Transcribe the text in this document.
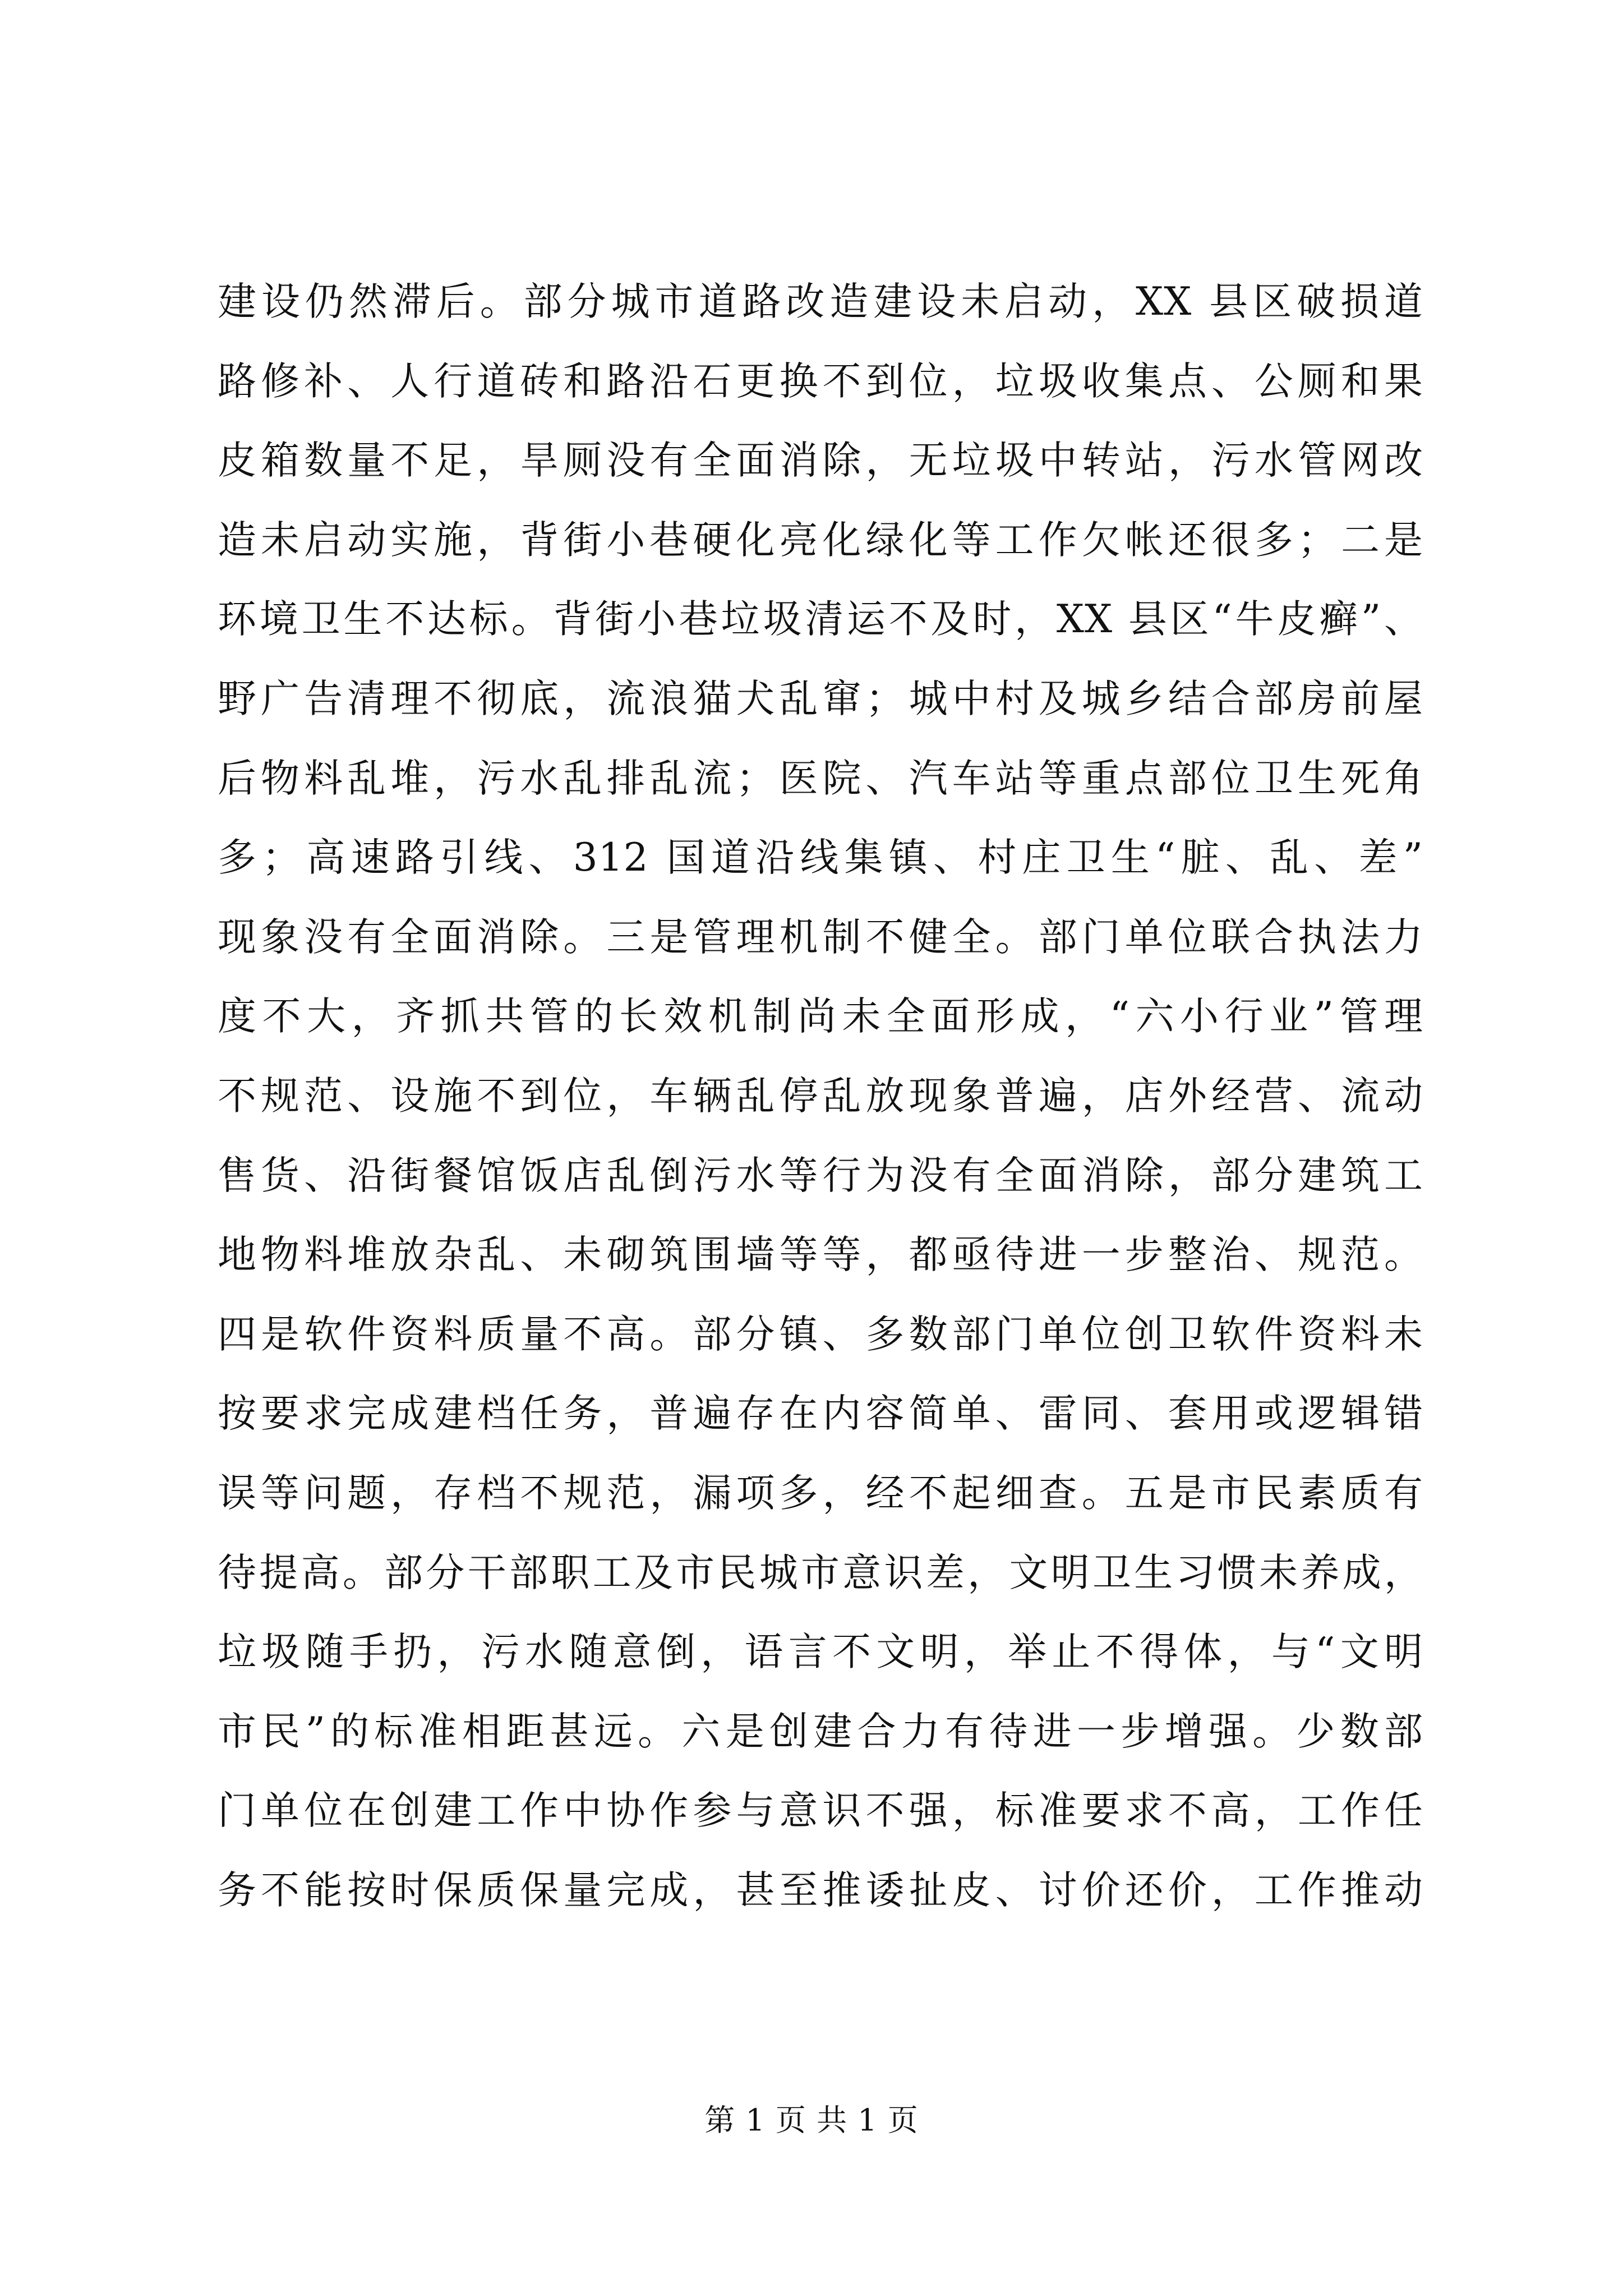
建设仍然滞后。部分城市道路改造建设未启动，XX 县区破损道
路修补、人行道砖和路沿石更换不到位，垃圾收集点、公厕和果
皮箱数量不足，旱厕没有全面消除，无垃圾中转站，污水管网改
造未启动实施，背街小巷硬化亮化绿化等工作欠帐还很多；二是
环境卫生不达标。背街小巷垃圾清运不及时，XX 县区“牛皮癣”、
野广告清理不彻底，流浪猫犬乱窜；城中村及城乡结合部房前屋
后物料乱堆，污水乱排乱流；医院、汽车站等重点部位卫生死角
多；高速路引线、312 国道沿线集镇、村庄卫生“脏、乱、差”
现象没有全面消除。三是管理机制不健全。部门单位联合执法力
度不大，齐抓共管的长效机制尚未全面形成，“六小行业”管理
不规范、设施不到位，车辆乱停乱放现象普遍，店外经营、流动
售货、沿街餐馆饭店乱倒污水等行为没有全面消除，部分建筑工
地物料堆放杂乱、未砌筑围墙等等，都亟待进一步整治、规范。
四是软件资料质量不高。部分镇、多数部门单位创卫软件资料未
按要求完成建档任务，普遍存在内容简单、雷同、套用或逻辑错
误等问题，存档不规范，漏项多，经不起细查。五是市民素质有
待提高。部分干部职工及市民城市意识差，文明卫生习惯未养成，
垃圾随手扔，污水随意倒，语言不文明，举止不得体，与“文明
市民”的标准相距甚远。六是创建合力有待进一步增强。少数部
门单位在创建工作中协作参与意识不强，标准要求不高，工作任
务不能按时保质保量完成，甚至推诿扯皮、讨价还价，工作推动
第 1 页 共 1 页
